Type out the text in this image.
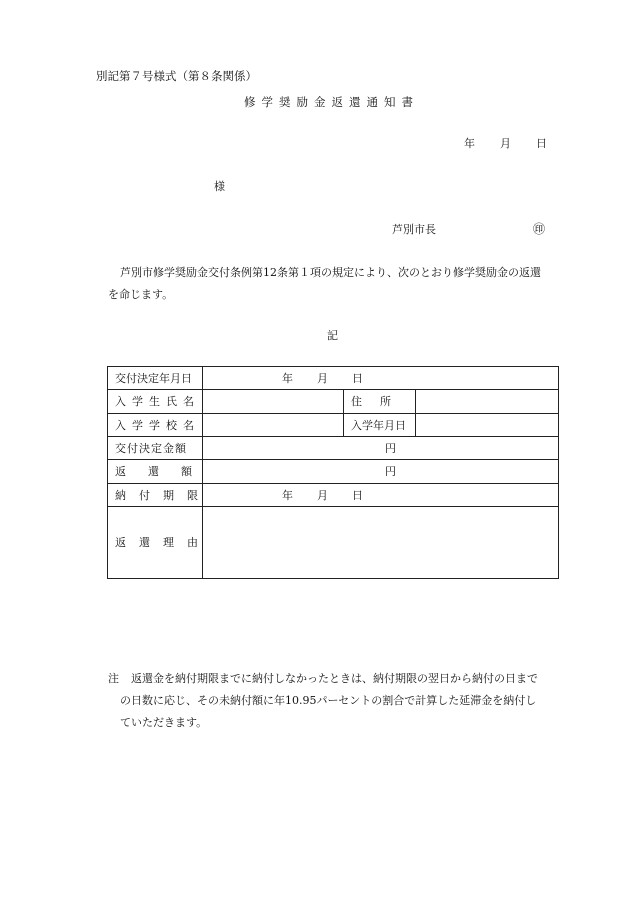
別記第７号様式（第８条関係）
修学奨励金返還通知書
年 月 日
様
芦別市長	㊞
芦別市修学奨励金交付条例第12条第１項の規定により、次のとおり修学奨励金の返還
を命じます。
記
交付決定年月日	年 月 日		
入学生氏名		住所	
入学学校名		入学年月日	
交付決定金額	円		
返還額	円		
納付期限	年 月 日		
返還理由			
注 返還金を納付期限までに納付しなかったときは、納付期限の翌日から納付の日まで
の日数に応じ、その未納付額に年10.95パーセントの割合で計算した延滞金を納付し
ていただきます。
